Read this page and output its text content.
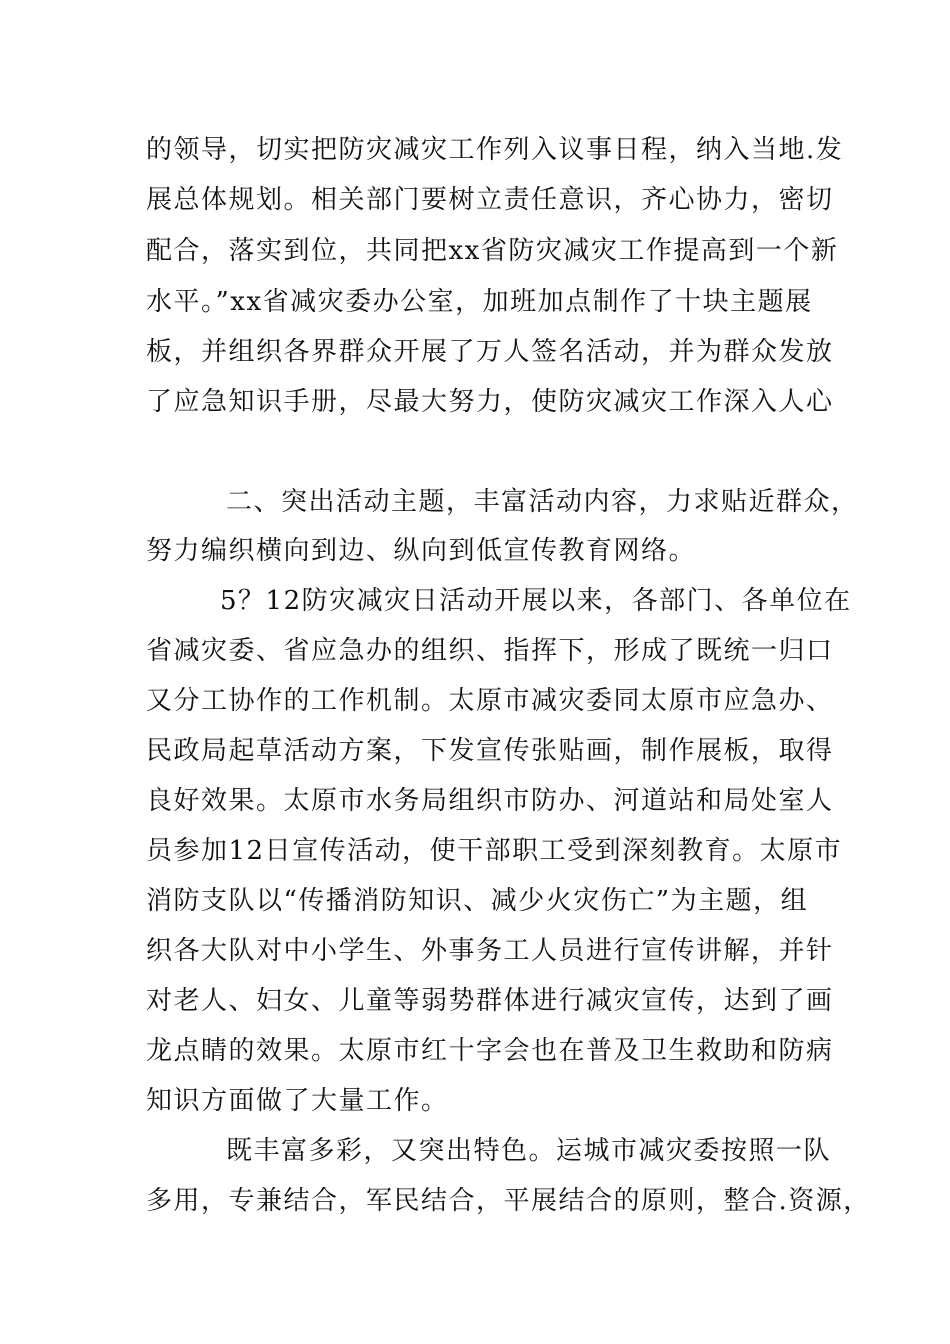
的领导，切实把防灾减灾工作列入议事日程，纳入当地.发
展总体规划。相关部门要树立责任意识，齐心协力，密切
配合，落实到位，共同把xx省防灾减灾工作提高到一个新
水平。”xx省减灾委办公室，加班加点制作了十块主题展
板，并组织各界群众开展了万人签名活动，并为群众发放
了应急知识手册，尽最大努力，使防灾减灾工作深入人心
二、突出活动主题，丰富活动内容，力求贴近群众，
努力编织横向到边、纵向到低宣传教育网络。
5？12防灾减灾日活动开展以来，各部门、各单位在
省减灾委、省应急办的组织、指挥下，形成了既统一归口
又分工协作的工作机制。太原市减灾委同太原市应急办、
民政局起草活动方案，下发宣传张贴画，制作展板，取得
良好效果。太原市水务局组织市防办、河道站和局处室人
员参加12日宣传活动，使干部职工受到深刻教育。太原市
消防支队以“传播消防知识、减少火灾伤亡”为主题，组
织各大队对中小学生、外事务工人员进行宣传讲解，并针
对老人、妇女、儿童等弱势群体进行减灾宣传，达到了画
龙点睛的效果。太原市红十字会也在普及卫生救助和防病
知识方面做了大量工作。
既丰富多彩，又突出特色。运城市减灾委按照一队
多用，专兼结合，军民结合，平展结合的原则，整合.资源，
